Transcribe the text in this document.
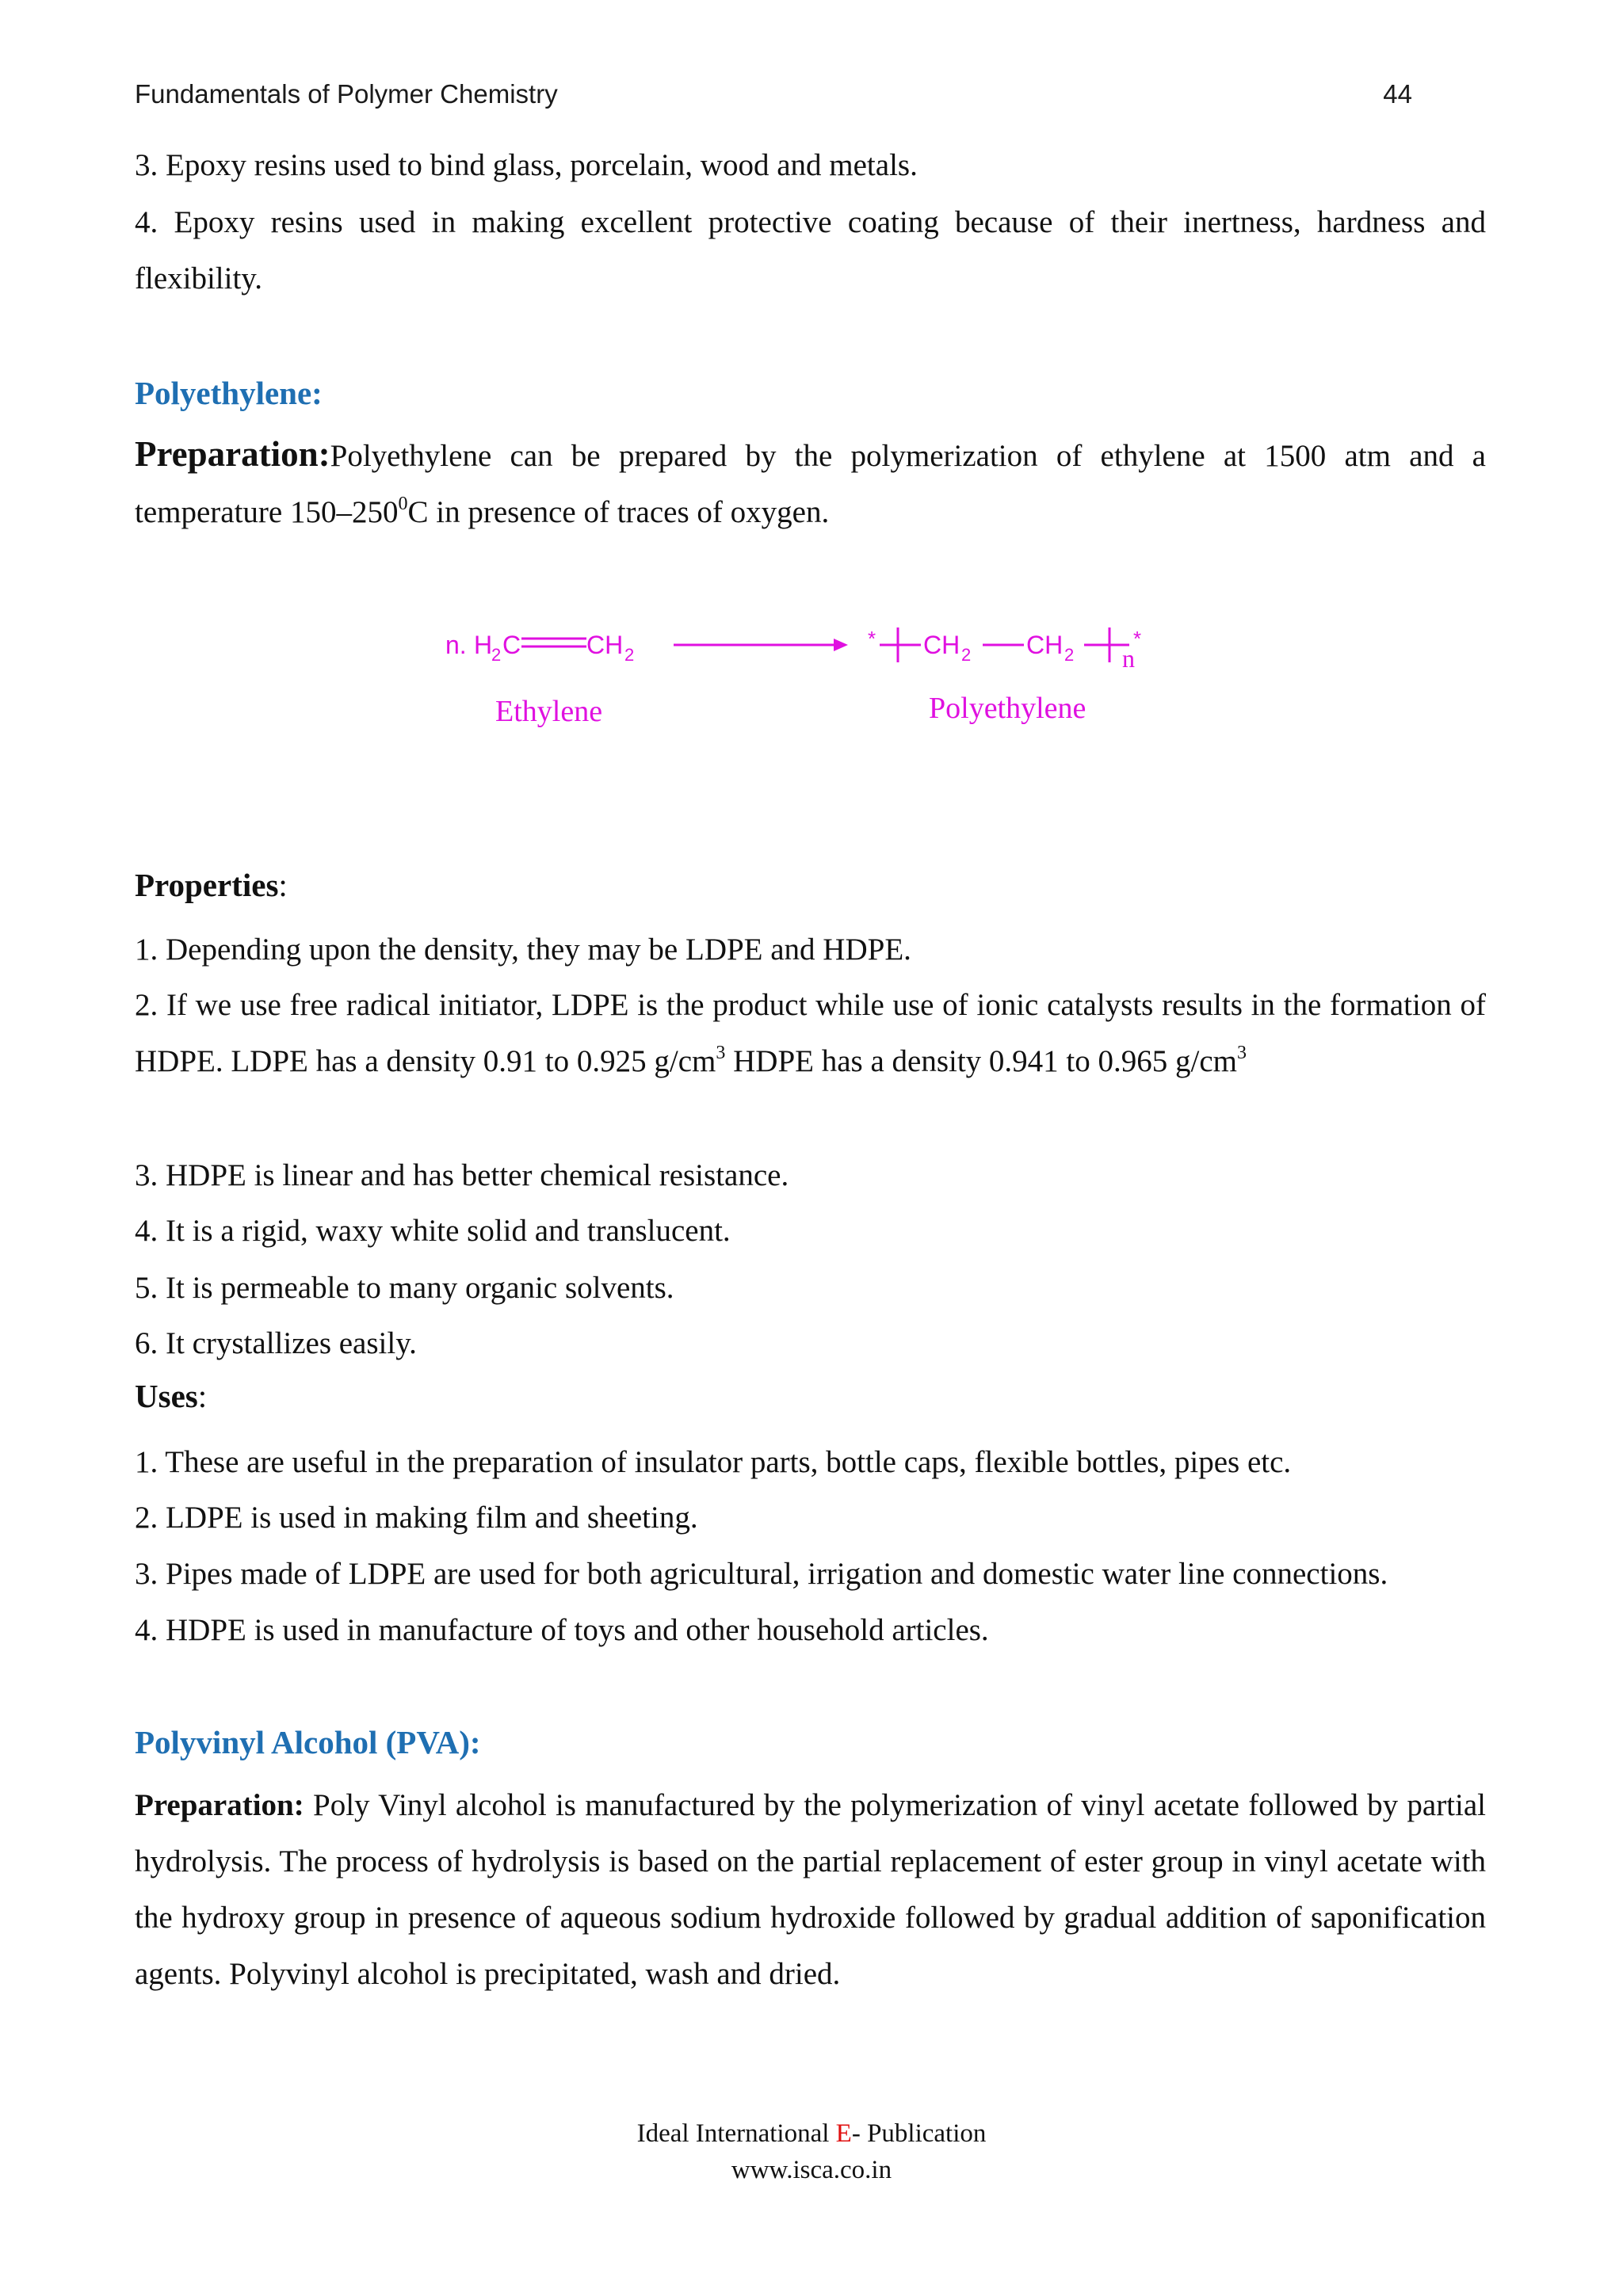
Fundamentals of Polymer Chemistry	44

3. Epoxy resins used to bind glass, porcelain, wood and metals.

4. Epoxy resins used in making excellent protective coating because of their inertness, hardness and flexibility.

Polyethylene:

Preparation:Polyethylene can be prepared by the polymerization of ethylene at 1500 atm and a temperature $150-250^0C$ in presence of traces of oxygen.

n. H
2 C	CH 2
* CH 2 CH 2
*
n
Ethylene	Polyethylene

Properties:

1. Depending upon the density, they may be LDPE and HDPE.

2. If we use free radical initiator, LDPE is the product while use of ionic catalysts results in the formation of HDPE. LDPE has a density 0.91 to 0.925 $g/cm^3$ HDPE has a density 0.941 to 0.965 $g/cm^3$

3. HDPE is linear and has better chemical resistance.

4. It is a rigid, waxy white solid and translucent.

5. It is permeable to many organic solvents.

6. It crystallizes easily.

Uses:

1. These are useful in the preparation of insulator parts, bottle caps, flexible bottles, pipes etc.

2. LDPE is used in making film and sheeting.

3. Pipes made of LDPE are used for both agricultural, irrigation and domestic water line connections.

4. HDPE is used in manufacture of toys and other household articles.

Polyvinyl Alcohol (PVA):

Preparation: Poly Vinyl alcohol is manufactured by the polymerization of vinyl acetate followed by partial hydrolysis. The process of hydrolysis is based on the partial replacement of ester group in vinyl acetate with the hydroxy group in presence of aqueous sodium hydroxide followed by gradual addition of saponification agents. Polyvinyl alcohol is precipitated, wash and dried.

Ideal International E- Publication
www.isca.co.in
